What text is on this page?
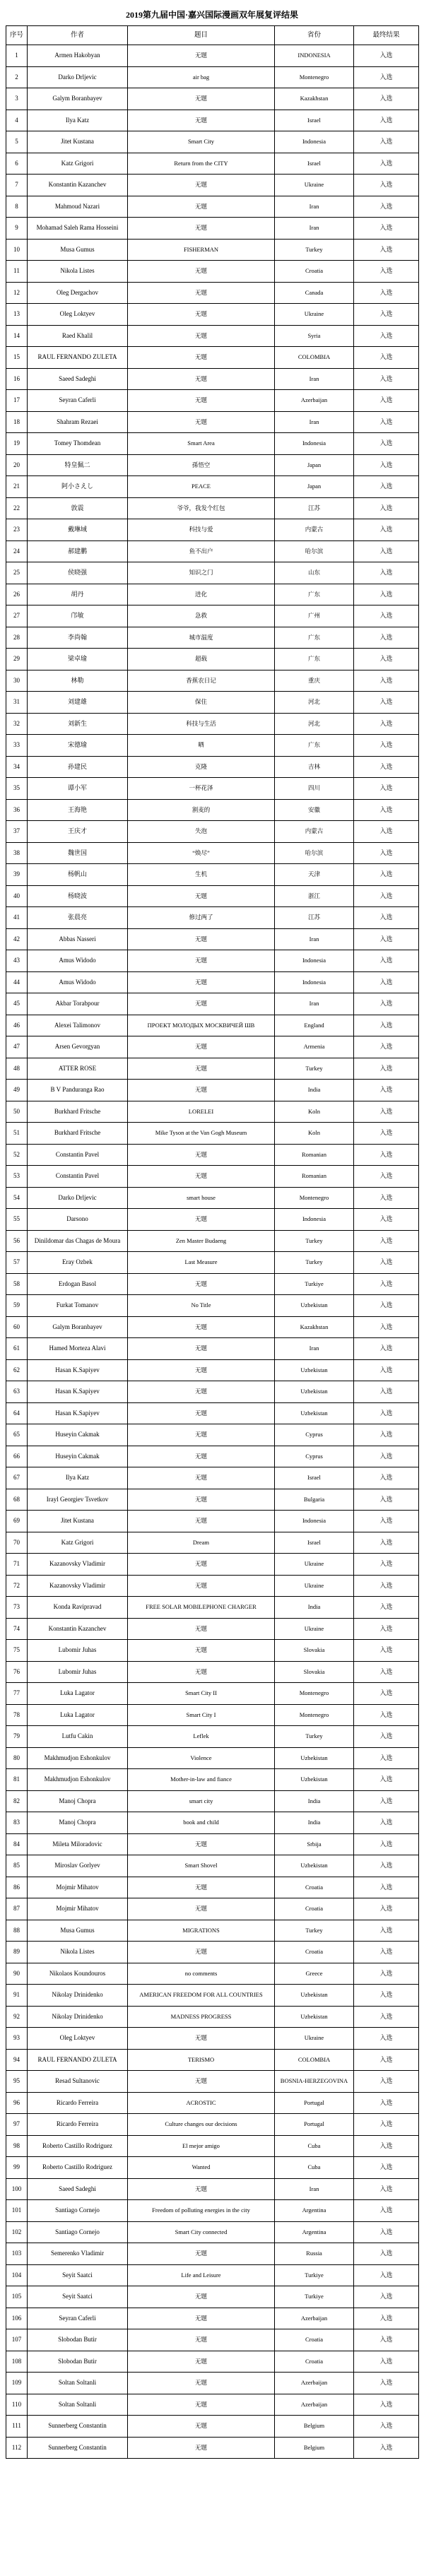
2019第九届中国·嘉兴国际漫画双年展复评结果
序号	作者	题目	省份	最终结果
1	Armen Hakobyan	无题	INDONESIA	入选
2	Darko Drljevic	air bag	Montenegro	入选
3	Galym Boranbayev	无题	Kazakhstan	入选
4	Ilya Katz	无题	Israel	入选
5	Jitet Kustana	Smart City	Indonesia	入选
6	Katz Grigori	Return from the CITY	Israel	入选
7	Konstantin Kazanchev	无题	Ukraine	入选
8	Mahmoud Nazari	无题	Iran	入选
9	Mohamad Saleh Rama Hosseini	无题	Iran	入选
10	Musa Gumus	FISHERMAN	Turkey	入选
11	Nikola Listes	无题	Croatia	入选
12	Oleg Dergachov	无题	Canada	入选
13	Oleg Loktyev	无题	Ukraine	入选
14	Raed Khalil	无题	Syria	入选
15	RAUL FERNANDO ZULETA	无题	COLOMBIA	入选
16	Saeed Sadeghi	无题	Iran	入选
17	Seyran Caferli	无题	Azerbaijan	入选
18	Shahram Rezaei	无题	Iran	入选
19	Tomey Thomdean	Smart Area	Indonesia	入选
20	特皇佩二	孫悟空	Japan	入选
21	阿小さえし	PEACE	Japan	入选
22	敦震	爷爷，我发个红包	江苏	入选
23	戴琳域	科技与爱	内蒙古	入选
24	郝建鹏	鱼不出户	哈尔滨	入选
25	侯晓强	知识之门	山东	入选
26	胡丹	进化	广东	入选
27	邝敏	急救	广州	入选
28	李尚翰	城市温度	广东	入选
29	梁卓瑜	超载	广东	入选
30	林勒	香蕉农日记	重庆	入选
31	刘建雄	保住	河北	入选
32	刘新生	科技与生活	河北	入选
33	宋德瑜	晒	广东	入选
34	孙建民	克隆	吉林	入选
35	谭小军	一杯花泽	四川	入选
36	王海艳	割麦的	安徽	入选
37	王庆才	失泡	内蒙古	入选
38	魏世国	“焕尽”	哈尔滨	入选
39	杨帆山	生机	天津	入选
40	杨晓波	无题	浙江	入选
41	张晨亮	修过两了	江苏	入选
42	Abbas Nasseri	无题	Iran	入选
43	Amus Widodo	无题	Indonesia	入选
44	Amus Widodo	无题	Indonesia	入选
45	Akbar Torabpour	无题	Iran	入选
46	Alexei Talimonov	ПРОЕКТ МОЛОДЫХ МОСКВИЧЕЙ ШВ	England	入选
47	Arsen Gevorgyan	无题	Armenia	入选
48	ATTER ROSE	无题	Turkey	入选
49	B V Panduranga Rao	无题	India	入选
50	Burkhard Fritsche	LORELEI	Koln	入选
51	Burkhard Fritsche	Mike Tyson at the Van Gogh Museum	Koln	入选
52	Constantin Pavel	无题	Romanian	入选
53	Constantin Pavel	无题	Romanian	入选
54	Darko Drljevic	smart house	Montenegro	入选
55	Darsono	无题	Indonesia	入选
56	Dinildomar das Chagas de Moura	Zen Master Budaeng	Turkey	入选
57	Eray Ozbek	Last Measure	Turkey	入选
58	Erdogan Basol	无题	Turkiye	入选
59	Furkat Tomanov	No Title	Uzbekistan	入选
60	Galym Boranbayev	无题	Kazakhstan	入选
61	Hamed Morteza Alavi	无题	Iran	入选
62	Hasan K.Sapiyev	无题	Uzbekistan	入选
63	Hasan K.Sapiyev	无题	Uzbekistan	入选
64	Hasan K.Sapiyev	无题	Uzbekistan	入选
65	Huseyin Cakmak	无题	Cyprus	入选
66	Huseyin Cakmak	无题	Cyprus	入选
67	Ilya Katz	无题	Israel	入选
68	Irayl Georgiev Tsvetkov	无题	Bulgaria	入选
69	Jitet Kustana	无题	Indonesia	入选
70	Katz Grigori	Dream	Israel	入选
71	Kazanovsky Vladimir	无题	Ukraine	入选
72	Kazanovsky Vladimir	无题	Ukraine	入选
73	Konda Ravipravad	FREE SOLAR MOBILEPHONE CHARGER	India	入选
74	Konstantin Kazanchev	无题	Ukraine	入选
75	Lubomir Juhas	无题	Slovakia	入选
76	Lubomir Juhas	无题	Slovakia	入选
77	Luka Lagator	Smart City II	Montenegro	入选
78	Luka Lagator	Smart City I	Montenegro	入选
79	Lutfu Cakin	Leflek	Turkey	入选
80	Makhmudjon Eshonkulov	Violence	Uzbekistan	入选
81	Makhmudjon Eshonkulov	Mother-in-law and fiance	Uzbekistan	入选
82	Manoj Chopra	smart city	India	入选
83	Manoj Chopra	book and child	India	入选
84	Mileta Miloradovic	无题	Srbija	入选
85	Miroslav Gorlyev	Smart Shovel	Uzbekistan	入选
86	Mojmir Mihatov	无题	Croatia	入选
87	Mojmir Mihatov	无题	Croatia	入选
88	Musa Gumus	MIGRATIONS	Turkey	入选
89	Nikola Listes	无题	Croatia	入选
90	Nikolaos Koundouros	no comments	Greece	入选
91	Nikolay Drinidenko	AMERICAN FREEDOM FOR ALL COUNTRIES	Uzbekistan	入选
92	Nikolay Drinidenko	MADNESS PROGRESS	Uzbekistan	入选
93	Oleg Loktyev	无题	Ukraine	入选
94	RAUL FERNANDO ZULETA	TERISMO	COLOMBIA	入选
95	Resad Sultanovic	无题	BOSNIA-HERZEGOVINA	入选
96	Ricardo Ferreira	ACROSTIC	Portugal	入选
97	Ricardo Ferreira	Culture changes our decisions	Portugal	入选
98	Roberto Castillo Rodriguez	El mejor amigo	Cuba	入选
99	Roberto Castillo Rodriguez	Wanted	Cuba	入选
100	Saeed Sadeghi	无题	Iran	入选
101	Santiago Cornejo	Freedom of polluting energies in the city	Argentina	入选
102	Santiago Cornejo	Smart City connected	Argentina	入选
103	Semerenko Vladimir	无题	Russia	入选
104	Seyit Saatci	Life and Leisure	Turkiye	入选
105	Seyit Saatci	无题	Turkiye	入选
106	Seyran Caferli	无题	Azerbaijan	入选
107	Slobodan Butir	无题	Croatia	入选
108	Slobodan Butir	无题	Croatia	入选
109	Soltan Soltanli	无题	Azerbaijan	入选
110	Soltan Soltanli	无题	Azerbaijan	入选
111	Sunnerberg Constantin	无题	Belgium	入选
112	Sunnerberg Constantin	无题	Belgium	入选
